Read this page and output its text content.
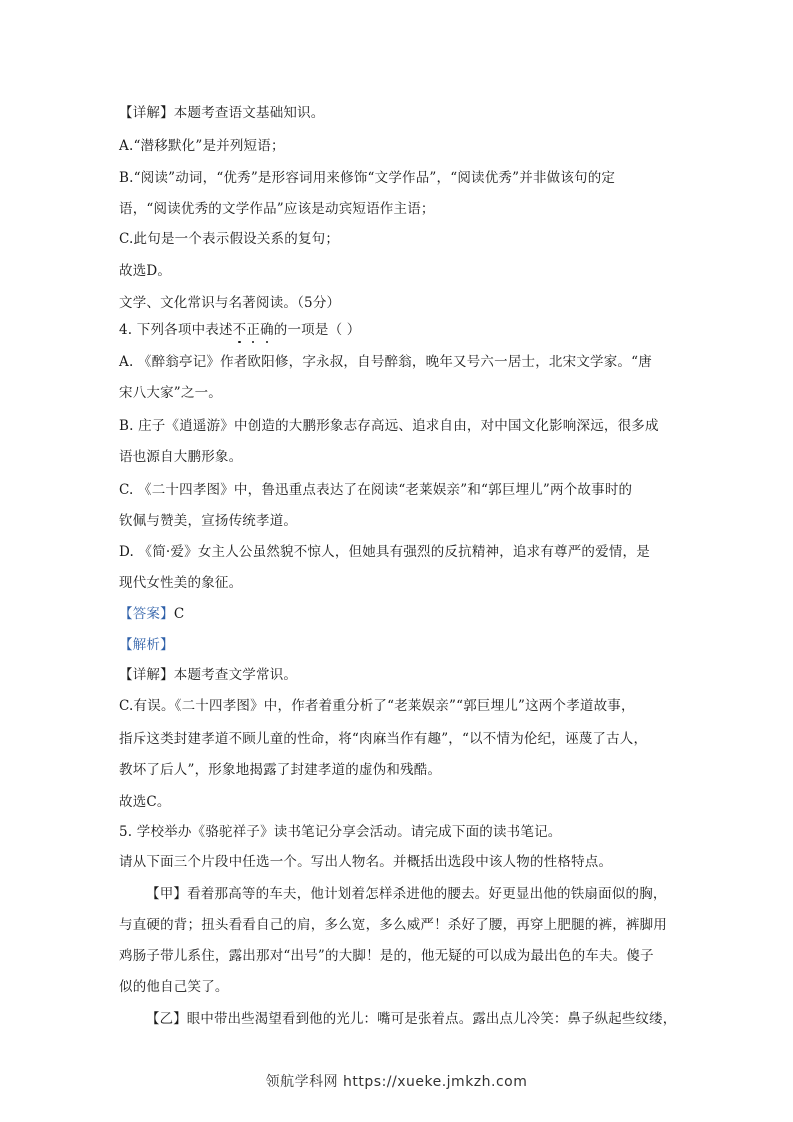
【详解】本题考查语文基础知识。
A.“潜移默化”是并列短语；
B.“阅读”动词，“优秀”是形容词用来修饰“文学作品”，“阅读优秀”并非做该句的定
语，“阅读优秀的文学作品”应该是动宾短语作主语；
C.此句是一个表示假设关系的复句；
故选D。
文学、文化常识与名著阅读。（5分）
4. 下列各项中表述不正确的一项是（ ）
A. 《醉翁亭记》作者欧阳修，字永叔，自号醉翁，晚年又号六一居士，北宋文学家。“唐
宋八大家”之一。
B. 庄子《逍遥游》中创造的大鹏形象志存高远、追求自由，对中国文化影响深远，很多成
语也源自大鹏形象。
C. 《二十四孝图》中，鲁迅重点表达了在阅读“老莱娱亲”和“郭巨埋儿”两个故事时的
钦佩与赞美，宣扬传统孝道。
D. 《简·爱》女主人公虽然貌不惊人，但她具有强烈的反抗精神，追求有尊严的爱情，是
现代女性美的象征。
【答案】C
【解析】
【详解】本题考查文学常识。
C.有误。《二十四孝图》中，作者着重分析了“老莱娱亲”“郭巨埋儿”这两个孝道故事，
指斥这类封建孝道不顾儿童的性命，将“肉麻当作有趣”，“以不情为伦纪，诬蔑了古人，
教坏了后人”，形象地揭露了封建孝道的虚伪和残酷。
故选C。
5. 学校举办《骆驼祥子》读书笔记分享会活动。请完成下面的读书笔记。
请从下面三个片段中任选一个。写出人物名。并概括出选段中该人物的性格特点。
【甲】看着那高等的车夫，他计划着怎样杀进他的腰去。好更显出他的铁扇面似的胸，
与直硬的背；扭头看看自己的肩，多么宽，多么威严！杀好了腰，再穿上肥腿的裤，裤脚用
鸡肠子带儿系住，露出那对“出号”的大脚！是的，他无疑的可以成为最出色的车夫。傻子
似的他自己笑了。
【乙】眼中带出些渴望看到他的光儿：嘴可是张着点。露出点儿冷笑：鼻子纵起些纹缕，
领航学科网 https://xueke.jmkzh.com
